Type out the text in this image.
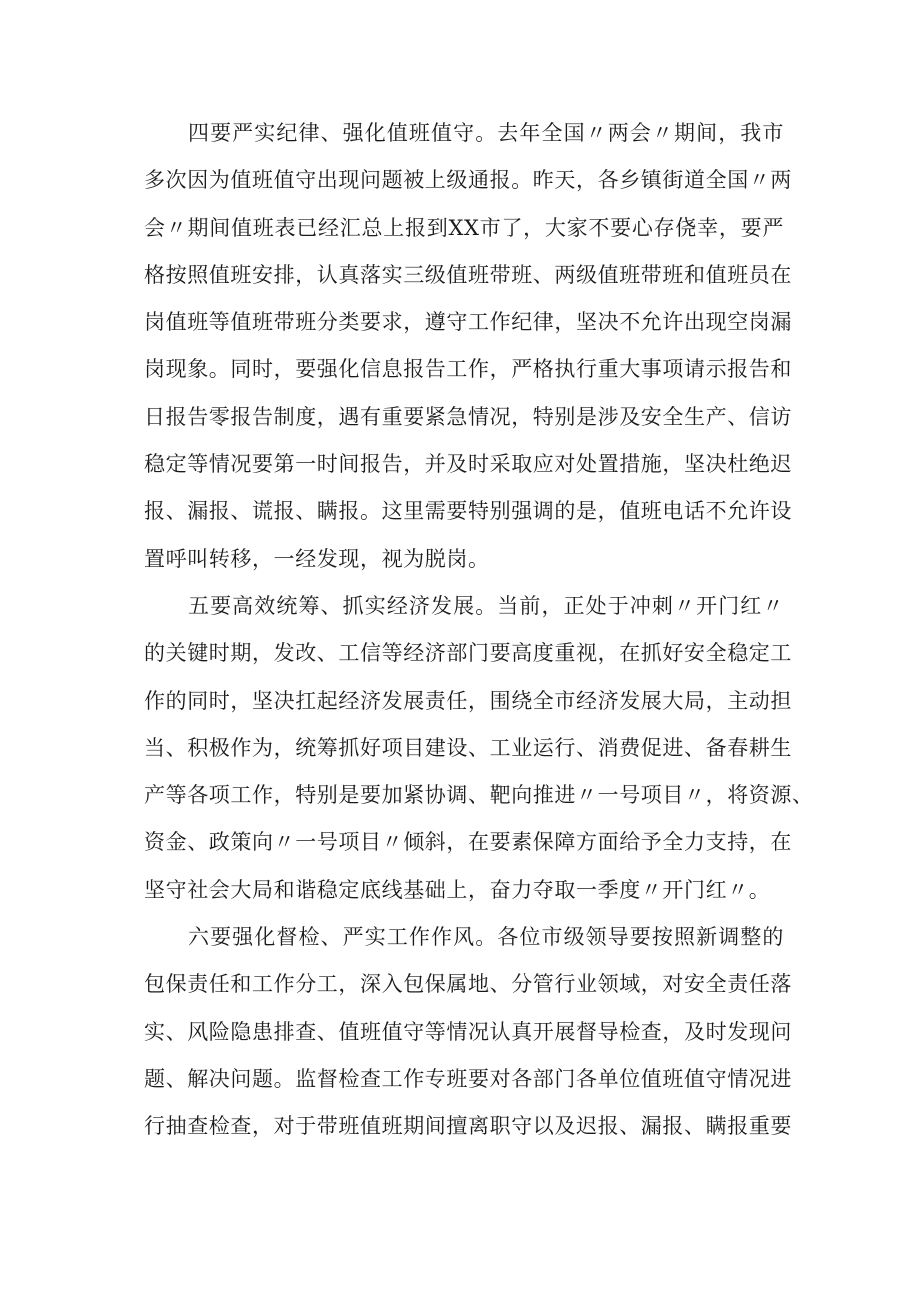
四要严实纪律、强化值班值守。去年全国〃两会〃期间，我市
多次因为值班值守出现问题被上级通报。昨天，各乡镇街道全国〃两
会〃期间值班表已经汇总上报到XX市了，大家不要心存侥幸，要严
格按照值班安排，认真落实三级值班带班、两级值班带班和值班员在
岗值班等值班带班分类要求，遵守工作纪律，坚决不允许出现空岗漏
岗现象。同时，要强化信息报告工作，严格执行重大事项请示报告和
日报告零报告制度，遇有重要紧急情况，特别是涉及安全生产、信访
稳定等情况要第一时间报告，并及时采取应对处置措施，坚决杜绝迟
报、漏报、谎报、瞒报。这里需要特别强调的是，值班电话不允许设
置呼叫转移，一经发现，视为脱岗。
五要高效统筹、抓实经济发展。当前，正处于冲刺〃开门红〃
的关键时期，发改、工信等经济部门要高度重视，在抓好安全稳定工
作的同时，坚决扛起经济发展责任，围绕全市经济发展大局，主动担
当、积极作为，统筹抓好项目建设、工业运行、消费促进、备春耕生
产等各项工作，特别是要加紧协调、靶向推进〃一号项目〃，将资源、
资金、政策向〃一号项目〃倾斜，在要素保障方面给予全力支持，在
坚守社会大局和谐稳定底线基础上，奋力夺取一季度〃开门红〃。
六要强化督检、严实工作作风。各位市级领导要按照新调整的
包保责任和工作分工，深入包保属地、分管行业领域，对安全责任落
实、风险隐患排查、值班值守等情况认真开展督导检查，及时发现问
题、解决问题。监督检查工作专班要对各部门各单位值班值守情况进
行抽查检查，对于带班值班期间擅离职守以及迟报、漏报、瞒报重要
